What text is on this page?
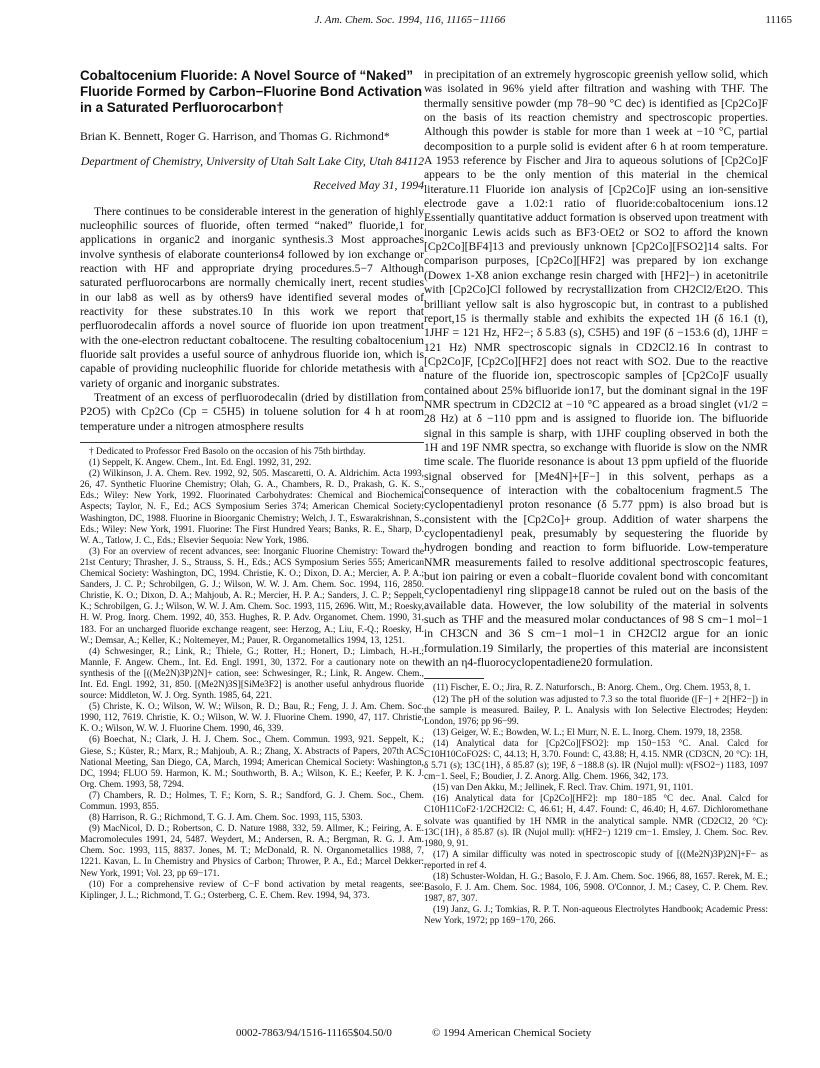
J. Am. Chem. Soc. 1994, 116, 11165−11166	11165
Cobaltocenium Fluoride: A Novel Source of “Naked” Fluoride Formed by Carbon−Fluorine Bond Activation in a Saturated Perfluorocarbon†

Brian K. Bennett, Roger G. Harrison, and Thomas G. Richmond*

Department of Chemistry, University of Utah Salt Lake City, Utah 84112

Received May 31, 1994

There continues to be considerable interest in the generation of highly nucleophilic sources of fluoride, often termed “naked” fluoride,1 for applications in organic2 and inorganic synthesis.3 Most approaches involve synthesis of elaborate counterions4 followed by ion exchange or reaction with HF and appropriate drying procedures.5−7 Although saturated perfluorocarbons are normally chemically inert, recent studies in our lab8 as well as by others9 have identified several modes of reactivity for these substrates.10 In this work we report that perfluorodecalin affords a novel source of fluoride ion upon treatment with the one-electron reductant cobaltocene. The resulting cobaltocenium fluoride salt provides a useful source of anhydrous fluoride ion, which is capable of providing nucleophilic fluoride for chloride metathesis with a variety of organic and inorganic substrates.

Treatment of an excess of perfluorodecalin (dried by distillation from P2O5) with Cp2Co (Cp = C5H5) in toluene solution for 4 h at room temperature under a nitrogen atmosphere results

† Dedicated to Professor Fred Basolo on the occasion of his 75th birthday.

(1) Seppelt, K. Angew. Chem., Int. Ed. Engl. 1992, 31, 292.

(2) Wilkinson, J. A. Chem. Rev. 1992, 92, 505. Mascaretti, O. A. Aldrichim. Acta 1993, 26, 47. Synthetic Fluorine Chemistry; Olah, G. A., Chambers, R. D., Prakash, G. K. S., Eds.; Wiley: New York, 1992. Fluorinated Carbohydrates: Chemical and Biochemical Aspects; Taylor, N. F., Ed.; ACS Symposium Series 374; American Chemical Society: Washington, DC, 1988. Fluorine in Bioorganic Chemistry; Welch, J. T., Eswarakrishnan, S., Eds.; Wiley: New York, 1991. Fluorine: The First Hundred Years; Banks, R. E., Sharp, D. W. A., Tatlow, J. C., Eds.; Elsevier Sequoia: New York, 1986.

(3) For an overview of recent advances, see: Inorganic Fluorine Chemistry: Toward the 21st Century; Thrasher, J. S., Strauss, S. H., Eds.; ACS Symposium Series 555; American Chemical Society: Washington, DC, 1994. Christie, K. O.; Dixon, D. A.; Mercier, A. P. A.; Sanders, J. C. P.; Schrobilgen, G. J.; Wilson, W. W. J. Am. Chem. Soc. 1994, 116, 2850. Christie, K. O.; Dixon, D. A.; Mahjoub, A. R.; Mercier, H. P. A.; Sanders, J. C. P.; Seppelt, K.; Schrobilgen, G. J.; Wilson, W. W. J. Am. Chem. Soc. 1993, 115, 2696. Witt, M.; Roesky, H. W. Prog. Inorg. Chem. 1992, 40, 353. Hughes, R. P. Adv. Organomet. Chem. 1990, 31, 183. For an uncharged fluoride exchange reagent, see: Herzog, A.; Liu, F.-Q.; Roesky, H. W.; Demsar, A.; Keller, K.; Noltemeyer, M.; Pauer, R. Organometallics 1994, 13, 1251.

(4) Schwesinger, R.; Link, R.; Thiele, G.; Rotter, H.; Honert, D.; Limbach, H.-H.; Mannle, F. Angew. Chem., Int. Ed. Engl. 1991, 30, 1372. For a cautionary note on the synthesis of the [((Me2N)3P)2N]+ cation, see: Schwesinger, R.; Link, R. Angew. Chem., Int. Ed. Engl. 1992, 31, 850. [(Me2N)3S][SiMe3F2] is another useful anhydrous fluoride source: Middleton, W. J. Org. Synth. 1985, 64, 221.

(5) Christe, K. O.; Wilson, W. W.; Wilson, R. D.; Bau, R.; Feng, J. J. Am. Chem. Soc. 1990, 112, 7619. Christie, K. O.; Wilson, W. W. J. Fluorine Chem. 1990, 47, 117. Christie, K. O.; Wilson, W. W. J. Fluorine Chem. 1990, 46, 339.

(6) Boechat, N.; Clark, J. H. J. Chem. Soc., Chem. Commun. 1993, 921. Seppelt, K.; Giese, S.; Küster, R.; Marx, R.; Mahjoub, A. R.; Zhang, X. Abstracts of Papers, 207th ACS National Meeting, San Diego, CA, March, 1994; American Chemical Society: Washington, DC, 1994; FLUO 59. Harmon, K. M.; Southworth, B. A.; Wilson, K. E.; Keefer, P. K. J. Org. Chem. 1993, 58, 7294.

(7) Chambers, R. D.; Holmes, T. F.; Korn, S. R.; Sandford, G. J. Chem. Soc., Chem. Commun. 1993, 855.

(8) Harrison, R. G.; Richmond, T. G. J. Am. Chem. Soc. 1993, 115, 5303.

(9) MacNicol, D. D.; Robertson, C. D. Nature 1988, 332, 59. Allmer, K.; Feiring, A. E. Macromolecules 1991, 24, 5487. Weydert, M.; Andersen, R. A.; Bergman, R. G. J. Am. Chem. Soc. 1993, 115, 8837. Jones, M. T.; McDonald, R. N. Organometallics 1988, 7, 1221. Kavan, L. In Chemistry and Physics of Carbon; Thrower, P. A., Ed.; Marcel Dekker: New York, 1991; Vol. 23, pp 69−171.

(10) For a comprehensive review of C−F bond activation by metal reagents, see: Kiplinger, J. L.; Richmond, T. G.; Osterberg, C. E. Chem. Rev. 1994, 94, 373.

in precipitation of an extremely hygroscopic greenish yellow solid, which was isolated in 96% yield after filtration and washing with THF. The thermally sensitive powder (mp 78−90 °C dec) is identified as [Cp2Co]F on the basis of its reaction chemistry and spectroscopic properties. Although this powder is stable for more than 1 week at −10 °C, partial decomposition to a purple solid is evident after 6 h at room temperature. A 1953 reference by Fischer and Jira to aqueous solutions of [Cp2Co]F appears to be the only mention of this material in the chemical literature.11 Fluoride ion analysis of [Cp2Co]F using an ion-sensitive electrode gave a 1.02:1 ratio of fluoride:cobaltocenium ions.12 Essentially quantitative adduct formation is observed upon treatment with inorganic Lewis acids such as BF3·OEt2 or SO2 to afford the known [Cp2Co][BF4]13 and previously unknown [Cp2Co][FSO2]14 salts. For comparison purposes, [Cp2Co][HF2] was prepared by ion exchange (Dowex 1-X8 anion exchange resin charged with [HF2]−) in acetonitrile with [Cp2Co]Cl followed by recrystallization from CH2Cl2/Et2O. This brilliant yellow salt is also hygroscopic but, in contrast to a published report,15 is thermally stable and exhibits the expected 1H (δ 16.1 (t), 1JHF = 121 Hz, HF2−; δ 5.83 (s), C5H5) and 19F (δ −153.6 (d), 1JHF = 121 Hz) NMR spectroscopic signals in CD2Cl2.16 In contrast to [Cp2Co]F, [Cp2Co][HF2] does not react with SO2. Due to the reactive nature of the fluoride ion, spectroscopic samples of [Cp2Co]F usually contained about 25% bifluoride ion17, but the dominant signal in the 19F NMR spectrum in CD2Cl2 at −10 °C appeared as a broad singlet (ν1/2 = 28 Hz) at δ −110 ppm and is assigned to fluoride ion. The bifluoride signal in this sample is sharp, with 1JHF coupling observed in both the 1H and 19F NMR spectra, so exchange with fluoride is slow on the NMR time scale. The fluoride resonance is about 13 ppm upfield of the fluoride signal observed for [Me4N]+[F−] in this solvent, perhaps as a consequence of interaction with the cobaltocenium fragment.5 The cyclopentadienyl proton resonance (δ 5.77 ppm) is also broad but is consistent with the [Cp2Co]+ group. Addition of water sharpens the cyclopentadienyl peak, presumably by sequestering the fluoride by hydrogen bonding and reaction to form bifluoride. Low-temperature NMR measurements failed to resolve additional spectroscopic features, but ion pairing or even a cobalt−fluoride covalent bond with concomitant cyclopentadienyl ring slippage18 cannot be ruled out on the basis of the available data. However, the low solubility of the material in solvents such as THF and the measured molar conductances of 98 S cm−1 mol−1 in CH3CN and 36 S cm−1 mol−1 in CH2Cl2 argue for an ionic formulation.19 Similarly, the properties of this material are inconsistent with an η4-fluorocyclopentadiene20 formulation.

(11) Fischer, E. O.; Jira, R. Z. Naturforsch., B: Anorg. Chem., Org. Chem. 1953, 8, 1.

(12) The pH of the solution was adjusted to 7.3 so the total fluoride ([F−] + 2[HF2−]) in the sample is measured. Bailey, P. L. Analysis with Ion Selective Electrodes; Heyden: London, 1976; pp 96−99.

(13) Geiger, W. E.; Bowden, W. L.; El Murr, N. E. L. Inorg. Chem. 1979, 18, 2358.

(14) Analytical data for [Cp2Co][FSO2]: mp 150−153 °C. Anal. Calcd for C10H10CoFO2S: C, 44.13; H, 3.70. Found: C, 43.88; H, 4.15. NMR (CD3CN, 20 °C): 1H, δ 5.71 (s); 13C{1H}, δ 85.87 (s); 19F, δ −188.8 (s). IR (Nujol mull): ν(FSO2−) 1183, 1097 cm−1. Seel, F.; Boudier, J. Z. Anorg. Allg. Chem. 1966, 342, 173.

(15) van Den Akku, M.; Jellinek, F. Recl. Trav. Chim. 1971, 91, 1101.

(16) Analytical data for [Cp2Co][HF2]: mp 180−185 °C dec. Anal. Calcd for C10H11CoF2·1/2CH2Cl2: C, 46.61; H, 4.47. Found: C, 46.40; H, 4.67. Dichloromethane solvate was quantified by 1H NMR in the analytical sample. NMR (CD2Cl2, 20 °C): 13C{1H}, δ 85.87 (s). IR (Nujol mull): ν(HF2−) 1219 cm−1. Emsley, J. Chem. Soc. Rev. 1980, 9, 91.

(17) A similar difficulty was noted in spectroscopic study of [((Me2N)3P)2N]+F− as reported in ref 4.

(18) Schuster-Woldan, H. G.; Basolo, F. J. Am. Chem. Soc. 1966, 88, 1657. Rerek, M. E.; Basolo, F. J. Am. Chem. Soc. 1984, 106, 5908. O'Connor, J. M.; Casey, C. P. Chem. Rev. 1987, 87, 307.

(19) Janz, G. J.; Tomkias, R. P. T. Non-aqueous Electrolytes Handbook; Academic Press: New York, 1972; pp 169−170, 266.

0002-7863/94/1516-11165$04.50/0	© 1994 American Chemical Society
